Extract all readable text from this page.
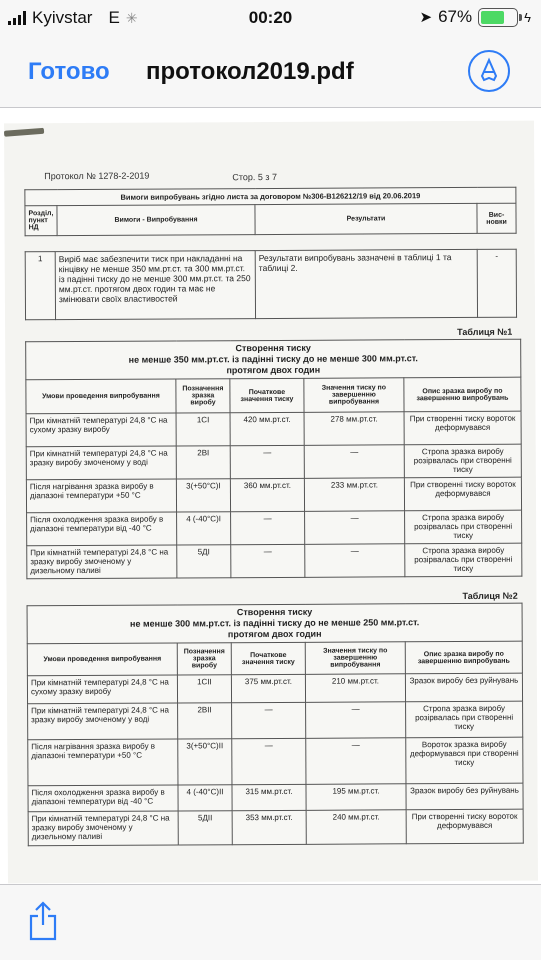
Kyivstar E ✳	00:20	➤ 67%	ϟ
Готово протокол2019.pdf
Протокол № 1278-2-2019	Стор. 5 з 7
Вимоги випробувань згідно листа за договором №306-В126212/19 від 20.06.2019
Розділ, пункт НД	Вимоги - Випробування	Результати	Вис-новки
1	Виріб має забезпечити тиск при накладанні на кінцівку не менше 350 мм.рт.ст. та 300 мм.рт.ст. із падінні тиску до не менше 300 мм.рт.ст. та 250 мм.рт.ст. протягом двох годин та має не змінювати своїх властивостей	Результати випробувань зазначені в таблиці 1 та таблиці 2.	-
Таблиця №1
Створення тиску
не менше 350 мм.рт.ст. із падінні тиску до не менше 300 мм.рт.ст.
протягом двох годин				

Умови проведення випробування	Позначення зразка виробу	Початкове значення тиску	Значення тиску по завершенню випробування	Опис зразка виробу по завершенню випробувань
При кімнатній температурі 24,8 °С на сухому зразку виробу	1СІ	420 мм.рт.ст.	278 мм.рт.ст.	При створенні тиску вороток деформувався
При кімнатній температурі 24,8 °С на зразку виробу змоченому у воді	2ВІ	—	—	Стропа зразка виробу розірвалась при створенні тиску
Після нагрівання зразка виробу в діапазоні температури +50 °С	3(+50°С)І	360 мм.рт.ст.	233 мм.рт.ст.	При створенні тиску вороток деформувався
Після охолодження зразка виробу в діапазоні температури від -40 °С	4 (-40°С)І	—	—	Стропа зразка виробу розірвалась при створенні тиску
При кімнатній температурі 24,8 °С на зразку виробу змоченому у дизельному паливі	5ДІ	—	—	Стропа зразка виробу розірвалась при створенні тиску
Таблиця №2
Створення тиску
не менше 300 мм.рт.ст. із падінні тиску до не менше 250 мм.рт.ст.
протягом двох годин				

Умови проведення випробування	Позначення зразка виробу	Початкове значення тиску	Значення тиску по завершенню випробування	Опис зразка виробу по завершенню випробувань
При кімнатній температурі 24,8 °С на сухому зразку виробу	1СІІ	375 мм.рт.ст.	210 мм.рт.ст.	Зразок виробу без руйнувань
При кімнатній температурі 24,8 °С на зразку виробу змоченому у воді	2ВІІ	—	—	Стропа зразка виробу розірвалась при створенні тиску
Після нагрівання зразка виробу в діапазоні температури +50 °С	3(+50°С)ІІ	—	—	Вороток зразка виробу деформувався при створенні тиску
Після охолодження зразка виробу в діапазоні температури від -40 °С	4 (-40°С)ІІ	315 мм.рт.ст.	195 мм.рт.ст.	Зразок виробу без руйнувань
При кімнатній температурі 24,8 °С на зразку виробу змоченому у дизельному паливі	5ДІІ	353 мм.рт.ст.	240 мм.рт.ст.	При створенні тиску вороток деформувався
